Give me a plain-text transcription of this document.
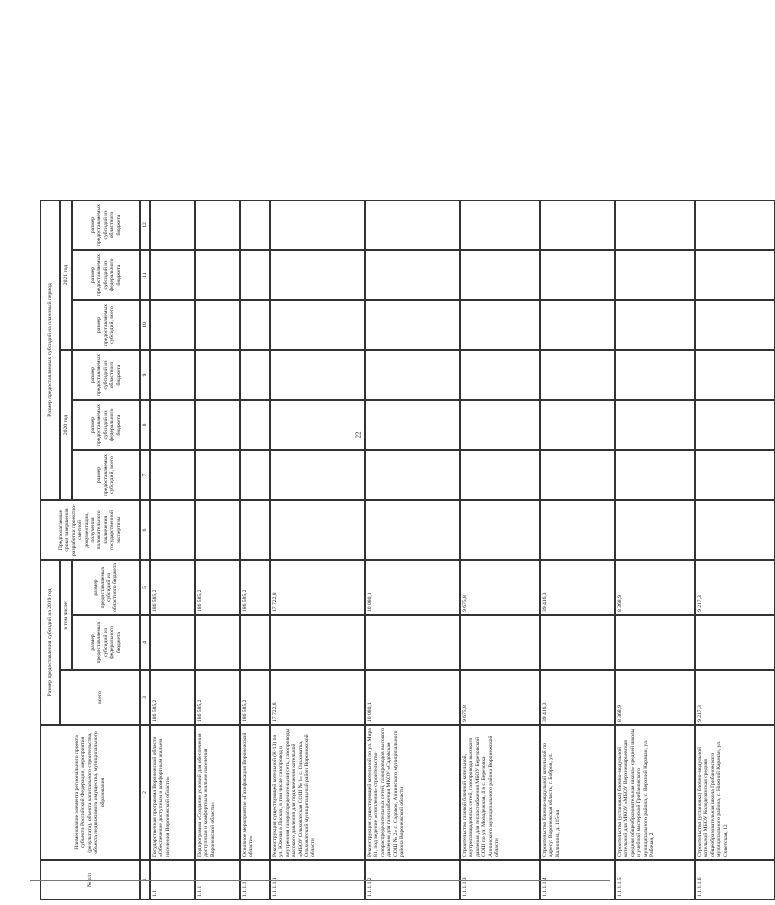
22
№ п/п
Наименование элемента регионального проекта субъекта Российской Федерации, мероприятия (результата), объекта капитального строительства, объекта недвижимого имущества, муниципального образования
Размер предоставления субсидий на 2019 год
всего
в том числе:
размер предоставляемых субсидий из федерального бюджета
размер предоставляемых субсидий из областного бюджета
Предполагаемые сроки завершения разработки проектно-сметной документации, получения положительного заключения государственной экспертизы
Размер предоставляемых субсидий на плановый период
2020 год
2021 год
размер предоставляемых субсидий, всего
размер предоставляемых субсидий из федерального бюджета
размер предоставляемых субсидий из областного бюджета
размер предоставляемых субсидий, всего
размер предоставляемых субсидий из федерального бюджета
размер предоставляемых субсидий из областного бюджета
1
2
3
4
5
6
7
8
9
10
11
12
1.1
Государственная программа Воронежской области «Обеспечение доступным и комфортным жильем населения Воронежской области»
186 585,2
186 585,2
1.1.1
Подпрограмма «Создание условий для обеспечения доступным и комфортным жильем населения Воронежской области»
186 585,2
186 585,2
1.1.1.1
Основное мероприятие «Газификация Воронежской области»
186 585,2
186 585,2
1.1.1.1.1
Реконструкция существующей котельной (К-13) по ул. Южная в Лисках, в том числе газопровод и внутренняя газораспределительная сеть, газопроводы высокого давления для подключения котельной «МБОУ Ольховатская СОШ № 1» с. Ольховатка, Ольховатский муниципальный район Воронежской области
17 722,8
17 722,8
1.1.1.1.2
Реконструкция существующей котельной по ул. Мира 81, под ведение «отопления» строительство газораспределительных сетей, газопроводов высокого давления для газоснабжения МКОУ «Садовская СОШ № 2» с. Садовое, Аннинского муниципального района Воронежской области
10 080,1
10 080,1
1.1.1.1.3
Строительство газовой блочной котельной, внутриплощадочных сетей, газопровода высокого давления для теплоснабжения МБОУ Березовской СОШ по ул. Молодежная, 4 в с. Березовка Аннинского муниципального района Воронежской области
9 675,8
9 675,8
1.1.1.1.4
Строительство блочно-модульной котельной по адресу: Воронежская область, г. Бобров, ул. Калинина, д. 115-ая
39 416,3
39 416,3
1.1.1.1.5
Строительство (установка) блочно-модульной котельной для МКОУ «МБОУ Верхнемарьевская средняя общеобразовательная школа» средней школы и учебной мастерской Грибановского муниципального района, с. Верхний Карачан, ул. Рабочая, 2
8 368,9
8 368,9
1.1.1.1.6
Строительство (установка) блочно-модульной котельной МБОУ Колодезянская средняя общеобразовательная школа Грибановского муниципального района, с. Нижний Карачан, ул. Советская, 12
9 217,3
9 217,3
